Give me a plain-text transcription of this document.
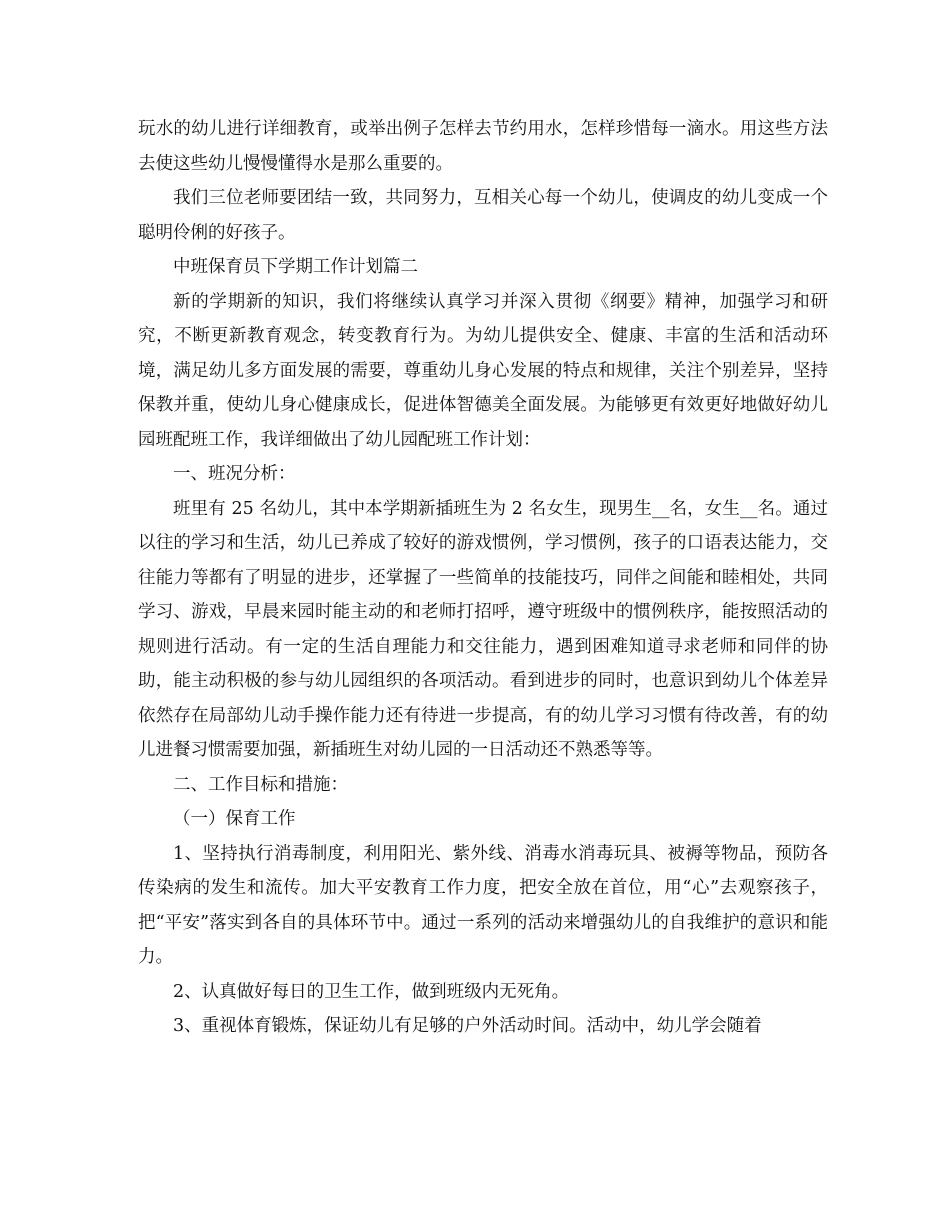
玩水的幼儿进行详细教育，或举出例子怎样去节约用水，怎样珍惜每一滴水。用这些方法去使这些幼儿慢慢懂得水是那么重要的。

我们三位老师要团结一致，共同努力，互相关心每一个幼儿，使调皮的幼儿变成一个聪明伶俐的好孩子。

中班保育员下学期工作计划篇二

新的学期新的知识，我们将继续认真学习并深入贯彻《纲要》精神，加强学习和研究，不断更新教育观念，转变教育行为。为幼儿提供安全、健康、丰富的生活和活动环境，满足幼儿多方面发展的需要，尊重幼儿身心发展的特点和规律，关注个别差异，坚持保教并重，使幼儿身心健康成长，促进体智德美全面发展。为能够更有效更好地做好幼儿园班配班工作，我详细做出了幼儿园配班工作计划：

一、班况分析：

班里有 25 名幼儿，其中本学期新插班生为 2 名女生，现男生__名，女生__名。通过以往的学习和生活，幼儿已养成了较好的游戏惯例，学习惯例，孩子的口语表达能力，交往能力等都有了明显的进步，还掌握了一些简单的技能技巧，同伴之间能和睦相处，共同学习、游戏，早晨来园时能主动的和老师打招呼，遵守班级中的惯例秩序，能按照活动的规则进行活动。有一定的生活自理能力和交往能力，遇到困难知道寻求老师和同伴的协助，能主动积极的参与幼儿园组织的各项活动。看到进步的同时，也意识到幼儿个体差异依然存在局部幼儿动手操作能力还有待进一步提高，有的幼儿学习习惯有待改善，有的幼儿进餐习惯需要加强，新插班生对幼儿园的一日活动还不熟悉等等。

二、工作目标和措施：

（一）保育工作

1、坚持执行消毒制度，利用阳光、紫外线、消毒水消毒玩具、被褥等物品，预防各传染病的发生和流传。加大平安教育工作力度，把安全放在首位，用“心”去观察孩子，把“平安”落实到各自的具体环节中。通过一系列的活动来增强幼儿的自我维护的意识和能力。

2、认真做好每日的卫生工作，做到班级内无死角。

3、重视体育锻炼，保证幼儿有足够的户外活动时间。活动中，幼儿学会随着
